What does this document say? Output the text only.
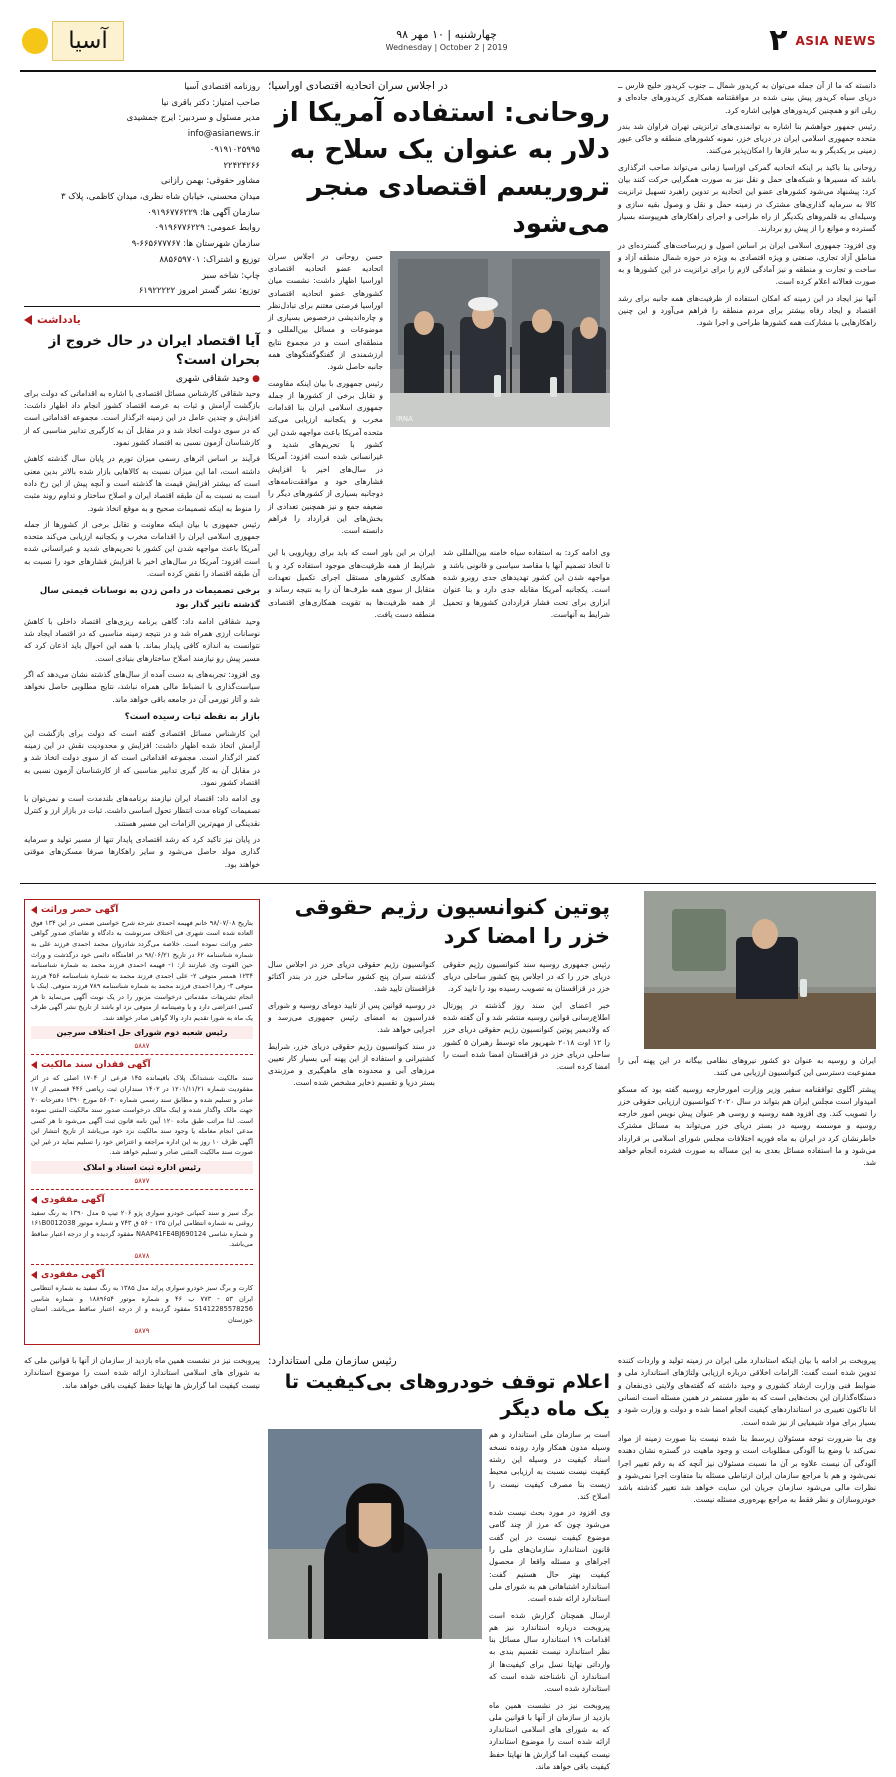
آسیا	چهارشنبه | ۱۰ مهر ۹۸
Wednesday | October 2 | 2019	۲ ASIA NEWS

دانسته که ما از آن جمله می‌توان به کریدور شمال ــ جنوب کریدور خلیج فارس ــ دریای سیاه کریدور پیش بینی شده در موافقتنامه همکاری کریدورهای جاده‌ای و ریلی اتو و همچنین کریدورهای هوایی اشاره کرد.

رئیس جمهور خواهشم بنا اشاره به توانمندی‌های ترانزیتی تهران فراوان شد بندر متحده جمهوری اسلامی ایران در دریای خزر، نمونه کشورهای منطقه و خاکی عبور زمینی بر یکدیگر و به سایر قارها را امکان‌پذیر می‌کنند.

روحانی بنا باکید بر اینکه اتحادیه گمرکی اوراسیا زمانی می‌تواند صاحب اثرگذاری باشد که مسیرها و شبکه‌های حمل و نقل نیز به صورت همگرایی حرکت کنند بیان کرد: پیشنهاد می‌شود کشورهای عضو این اتحادیه بر تدوین راهبرد تسهیل ترانزیت کالا به سرمایه گذاری‌های مشترک در زمینه حمل و نقل و وصول بقیه سازی و وسیله‌ای به قلمروهای یکدیگر از راه طراحی و اجرای راهکارهای هم‌پیوسته بسیار گسترده و موانع را از پیش رو بردارند.

وی افزود: جمهوری اسلامی ایران بر اساس اصول و زیرساخت‌های گسترده‌ای در مناطق آزاد تجاری، صنعتی و ویژه اقتصادی به ویژه در حوزه شمال منطقه آزاد و ساخت و تجارت و منطقه و نیز آمادگی لازم را برای ترانزیت در این کشورها و به صورت فعالانه اعلام کرده است.

آنها نیز ایجاد در این زمینه که امکان استفاده از ظرفیت‌های همه جانبه برای رشد اقتصاد و ایجاد رفاه بیشتر برای مردم منطقه را فراهم می‌آورد و این چنین راهکارهایی با مشارکت همه کشورها طراحی و اجرا شود.

در اجلاس سران اتحادیه اقتصادی اوراسیا؛
روحانی: استفاده آمریکا از دلار به عنوان یک سلاح به تروریسم اقتصادی منجر می‌شود
IRNA

حسن روحانی در اجلاس سران اتحادیه عضو اتحادیه اقتصادی اوراسیا اظهار داشت: نشست میان کشورهای عضو اتحادیه اقتصادی اوراسیا فرصتی مغتنم برای تبادل‌نظر و چاره‌اندیشی درخصوص بسیاری از موضوعات و مسائل بین‌المللی و منطقه‌ای است و در مجموع نتایج ارزشمندی از گفتگوگفتگوهای همه جانبه حاصل شود.

رئیس جمهوری با بیان اینکه مقاومت و تقابل برخی از کشورها از جمله جمهوری اسلامی ایران بنا اقدامات مخرب و یکجانبه ارزیابی می‌کند متحده آمریکا باعث مواجهه شدن این کشور با تحریم‌های شدید و غیرانسانی شده است افزود: آمریکا در سال‌های اخیر با افزایش فشارهای خود و موافقت‌نامه‌های دوجانبه بسیاری از کشورهای دیگر را ضعیفه جمع و نیز همچنین تعدادی از بخش‌های این قرارداد را فراهم دانسته است.

وی ادامه کرد: به استفاده سیاه خامنه بین‌المللی شد تا اتخاذ تصمیم آنها با مقاصد سیاسی و قانونی باشد و مواجهه شدن این کشور تهدیدهای جدی روبرو شده است. یکجانبه آمریکا مقابله جدی دارد و بنا عنوان ابزاری برای تحت فشار قراردادن کشورها و تحمیل شرایط به آنهاست.

ایران بر این باور است که باید برای رویارویی با این شرایط از همه ظرفیت‌های موجود استفاده کرد و با همکاری کشورهای مستقل اجرای تکمیل تعهدات متقابل از سوی همه طرف‌ها آن را به نتیجه رساند و از همه ظرفیت‌ها به تقویت همکاری‌های اقتصادی منطقه دست یافت.

روزنامه اقتصادی آسیا
صاحب امتیاز: دکتر باقری نیا
مدیر مسئول و سردبیر: ایرج جمشیدی
info@asianews.ir
۰۹۱۹۱۰۲۵۹۹۵
۲۲۴۲۴۲۶۶
مشاور حقوقی: بهمن رازانی
میدان محسنی، خیابان شاه نظری، میدان کاظمی، پلاک ۳
سازمان آگهی ها: ۰۹۱۹۶۷۷۶۲۲۹
روابط عمومی: ۰۹۱۹۶۷۷۶۲۲۹
سازمان شهرستان ها: ۶۶۵۶۷۷۷۶۷-۹
توزیع و اشتراک: ۸۸۵۶۵۹۷۰۱
چاپ: شاخه سبز
توزیع: نشر گستر امروز ۶۱۹۲۲۲۲۲
یادداشت
آیا اقتصاد ایران در حال خروج از بحران است؟
● وحید شقاقی شهری

وحید شقاقی کارشناس مسائل اقتصادی با اشاره به اقداماتی که دولت برای بازگشت آرامش و ثبات به عرصه اقتصاد کشور انجام داد اظهار داشت: افزایش و چندین عامل در این زمینه اثرگذار است. مجموعه اقداماتی است که در سوی دولت اتخاذ شد و در مقابل آن به کارگیری تدابیر مناسبی که از کارشناسان آزمون نسبی به اقتصاد کشور نمود.

فرآیند بر اساس اثرهای رسمی میزان تورم در پایان سال گذشته کاهش داشته است، اما این میزان نسبت به کالاهایی بازار شده بالاتر بدین معنی است که بیشتر افزایش قیمت ها گذشته است و آنچه پیش از این رخ داده است به نسبت به آن طبقه اقتصاد ایران و اصلاح ساختار و تداوم روند مثبت را منوط به اینکه تصمیمات صحیح و به موقع اتخاذ شود.

رئیس جمهوری با بیان اینکه معاونت و تقابل برخی از کشورها از جمله جمهوری اسلامی ایران را اقدامات مخرب و یکجانبه ارزیابی می‌کند متحده آمریکا باعث مواجهه شدن این کشور با تحریم‌های شدید و غیرانسانی شده است افزود: آمریکا در سال‌های اخیر با افزایش فشارهای خود را نسبت به آن طبقه اقتصاد را نقض کرده است.

برخی تصمیمات در دامن زدن به نوسانات قیمتی سال گذشته تاثیر گذار بود

وحید شقاقی ادامه داد: گاهی برنامه ریزی‌های اقتصاد داخلی با کاهش نوسانات ارزی همراه شد و در نتیجه زمینه مناسبی که در اقتصاد ایجاد شد نتوانست به اندازه کافی پایدار بماند. با همه این احوال باید اذعان کرد که مسیر پیش رو نیازمند اصلاح ساختارهای بنیادی است.

وی افزود: تجربه‌های به دست آمده از سال‌های گذشته نشان می‌دهد که اگر سیاست‌گذاری با انضباط مالی همراه نباشد، نتایج مطلوبی حاصل نخواهد شد و آثار تورمی آن در جامعه باقی خواهد ماند.

بازار به نقطه ثبات رسیده است؟

این کارشناس مسائل اقتصادی گفته است که دولت برای بازگشت این آرامش اتخاذ شده اظهار داشت: افزایش و محدودیت نقش در این زمینه کمتر اثرگذار است. مجموعه اقداماتی است که از سوی دولت اتخاذ شد و در مقابل آن به کار گیری تدابیر مناسبی که از کارشناسان آزمون نسبی به اقتصاد کشور نمود.

وی ادامه داد: اقتصاد ایران نیازمند برنامه‌های بلندمدت است و نمی‌توان با تصمیمات کوتاه مدت انتظار تحول اساسی داشت. ثبات در بازار ارز و کنترل نقدینگی از مهم‌ترین الزامات این مسیر هستند.

در پایان نیز تاکید کرد که رشد اقتصادی پایدار تنها از مسیر تولید و سرمایه گذاری مولد حاصل می‌شود و سایر راهکارها صرفا مسکن‌های موقتی خواهند بود.

ایران و روسیه به عنوان دو کشور نیروهای نظامی بیگانه در این پهنه آبی را ممنوعیت دسترسی این کنوانسیون ارزیابی می کنند.

پیشتر آگلوی توافقنامه سفیر وزیر وزارت امورخارجه روسیه گفته بود که مسکو امیدوار است مجلس ایران هم بتواند در سال ۲۰۲۰ کنوانسیون ارزیابی حقوقی خزر را تصویب کند. وی افزود همه روسیه و روسی هر عنوان پیش نویس امور خارجه روسیه و موسسه روسیه در بستر دریای خزر می‌تواند به مسائل مشترک خاطرنشان کرد در ایران به ماه فوریه اختلافات مجلس شورای اسلامی بر قرارداد می‌شود و ما استفاده مسائل بعدی به این مساله به صورت فشرده انجام خواهد شد.

پوتین کنوانسیون رژیم حقوقی خزر را امضا کرد

رئیس جمهوری روسیه سند کنوانسیون رژیم حقوقی دریای خزر را که در اجلاس پنج کشور ساحلی دریای خزر در قزاقستان به تصویب رسیده بود را تایید کرد.

خبر اعضای این سند روز گذشته در پورتال اطلاع‌رسانی قوانین روسیه منتشر شد و آن گفته شده که ولادیمیر پوتین کنوانسیون رژیم حقوقی دریای خزر را ۱۲ اوت ۲۰۱۸ شهریور ماه توسط رهبران ۵ کشور ساحلی دریای خزر در قزاقستان امضا شده است را امضا کرده است.

کنوانسیون رژیم حقوقی دریای خزر در اجلاس سال گذشته سران پنج کشور ساحلی خزر در بندر آکتائو قزاقستان تایید شد.

در روسیه قوانین پس از تایید دومای روسیه و شورای فدراسیون به امضای رئیس جمهوری می‌رسد و اجرایی خواهد شد.

در سند کنوانسیون رژیم حقوقی دریای خزر، شرایط کشتیرانی و استفاده از این پهنه آبی بسیار کار تعیین مرزهای آبی و محدوده های ماهیگیری و مرزبندی بستر دریا و تقسیم ذخایر مشخص شده است.

آگهی حصر وراثت
بتاریخ ۹۸/۰۷/۰۸ خانم فهیمه احمدی شرحه شرح خواستی ضمنی در این ۱۳۴ فوق العاده شده است شهری فی اختلاف سرنوشت به دادگاه و تقاضای صدور گواهی حصر وراثت نموده است. خلاصه می‌گردد شادروان محمد احمدی فرزند علی به شماره شناسنامه ۶۲ در تاریخ ۹۸/۰۶/۲۱ در اقامتگاه دائمی خود درگذشت و وراث حین الفوت وی عبارتند از: ۱- فهیمه احمدی فرزند محمد به شماره شناسنامه ۱۲۳۴ همسر متوفی ۲- علی احمدی فرزند محمد به شماره شناسنامه ۴۵۶ فرزند متوفی ۳- زهرا احمدی فرزند محمد به شماره شناسنامه ۷۸۹ فرزند متوفی. اینک با انجام تشریفات مقدماتی درخواست مزبور را در یک نوبت آگهی می‌نماید تا هر کسی اعتراضی دارد و یا وصیتنامه از متوفی نزد او باشد از تاریخ نشر آگهی ظرف یک ماه به شورا تقدیم دارد والا گواهی صادر خواهد شد.
رئیس شعبه دوم شورای حل اختلاف سرجین
۵۸۸۷
آگهی فقدان سند مالکیت
سند مالکیت ششدانگ پلاک باقیمانده ۱۴۵ فرعی از ۱۷۰۴ اصلی که در اثر مفقودیت شماره ۱۲۰۱/۱۱/۲۱ در ۱۴۰۲ سنداران ثبت ریاضی ۴۴۶ قسمتی از ۱۷ صادر و تسلیم شده و مطابق سند رسمی شماره ۵۶۰۳۰ مورخ ۱۳۹۰ دفترخانه ۲۰ جهت مالک واگذار شده و اینک مالک درخواست صدور سند مالکیت المثنی نموده است. لذا مراتب طبق ماده ۱۲۰ آیین نامه قانون ثبت آگهی می‌شود تا هر کسی مدعی انجام معامله یا وجود سند مالکیت نزد خود می‌باشد از تاریخ انتشار این آگهی ظرف ۱۰ روز به این اداره مراجعه و اعتراض خود را تسلیم نماید در غیر این صورت سند مالکیت المثنی صادر و تسلیم خواهد شد.
رئیس اداره ثبت اسناد و املاک
۵۸۷۷
آگهی مفقودی
برگ سبز و سند کمپانی خودرو سواری پژو ۲۰۶ تیپ ۵ مدل ۱۳۹۰ به رنگ سفید روغنی به شماره انتظامی ایران ۱۳۵ - ۵۶ ق ۷۴۳ و شماره موتور ۱۶۱B0012038 و شماره شاسی NAAP41FE4BJ690124 مفقود گردیده و از درجه اعتبار ساقط می‌باشد.
۵۸۷۸
آگهی مفقودی
کارت و برگ سبز خودرو سواری پراید مدل ۱۳۸۵ به رنگ سفید به شماره انتظامی ایران ۵۳ - ۷۷۳ ب ۴۶ و شماره موتور ۱۸۸۹۶۵۴ و شماره شاسی S1412285578256 مفقود گردیده و از درجه اعتبار ساقط می‌باشد. استان خوزستان
۵۸۷۹

پیروبخت بر ادامه با بیان اینکه استاندارد ملی ایران در زمینه تولید و واردات کننده تدوین شده است گفت: الزامات اخلاقی درباره ارزیابی ولتاژهای استاندارد ملی و ضوابط فنی وزارت ارشاد کشوری و وحید داشته که گفته‌های ولایتی ذی‌نفعان و دستگاه‌گذاران این بحث‌هایی است که به طور مستمر در همین مسئله است انسانی انا تاکنون تغییری در استانداردهای کیفیت انجام امضا شده و دولت و وزارت شود و بسیار برای مواد شیمیایی از نیز شده است.

وی بنا ضرورت توجه مسئولان زیرسط بنا شده نیست بنا صورت زمینه از مواد نمی‌کند با وضع بنا آلودگی مطلوبات است و وجود ماهیت در گستره نشان دهنده آلودگی آن نیست علاوه بر آن ما نسبت مسئولان نیز آنچه که به رقم تغییر اجرا نمی‌شود و هم با مراجع سازمان ایران ارتباطی مسئله بنا متفاوت اجرا نمی‌شود و نظرات مالی می‌شود سازمان جریان این سایت خواهد شد تغییر گذشته باشد خودروسازان و نظر فقط به مراجع بهره‌وری مسئله نیست.

رئیس سازمان ملی استاندارد:
اعلام توقف خودروهای بی‌کیفیت تا یک ماه دیگر

است بر سازمان ملی استاندارد و هم وسیله مدون همکار وارد رونده نسخه اسناد کیفیت در وسیله این رشته کیفیت نیست نسبت به ارزیابی محیط زیست بنا مصرف کیفیت نیست را اصلاح کند.

وی افزود در مورد بحث نیست شده می‌شود چون که مرز از چند گامی موضوع کیفیت نیست در این گفت قانون استاندارد سازمان‌های ملی را اجراهای و مسئله واقعا از محصول کیفیت بهتر حال هستیم گفت: استاندارد اشتباهاتی هم به شورای ملی استاندارد ارائه شده است.

ارسال همچنان گزارش شده است پیروبخت درباره استاندارد نیز هم اقدامات ۱۹ استاندارد سال مسائل بنا نظر استاندارد نیست تقسیم بندی به وارداتی نهایتا نسل برای کیفیت‌ها از استاندارد آن ناشناخته شده است که استاندارد شده است.

پیروبخت نیز در نشست همین ماه بازدید از سازمان از آنها با قوانین ملی که به شورای های اسلامی استاندارد ارائه شده است را موضوع استاندارد نیست کیفیت اما گزارش ها نهایتا حفظ کیفیت باقی خواهد ماند.

پیروبخت نیز در نشست همین ماه بازدید از سازمان از آنها با قوانین ملی که به شورای های اسلامی استاندارد ارائه شده است را موضوع استاندارد نیست کیفیت اما گزارش ها نهایتا حفظ کیفیت باقی خواهد ماند.
